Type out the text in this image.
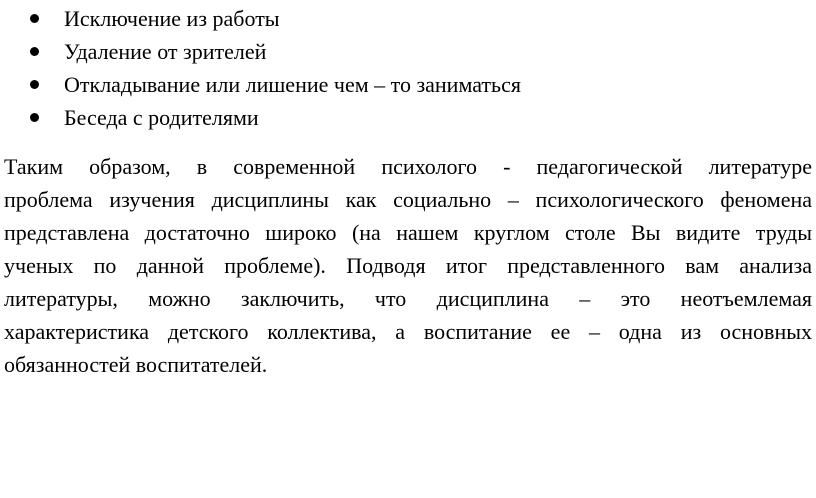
Исключение из работы
Удаление от зрителей
Откладывание или лишение чем – то заниматься
Беседа с родителями
Таким образом, в современной психолого - педагогической литературе
проблема изучения дисциплины как социально – психологического феномена
представлена достаточно широко (на нашем круглом столе Вы видите труды
ученых по данной проблеме). Подводя итог представленного вам анализа
литературы, можно заключить, что дисциплина – это неотъемлемая
характеристика детского коллектива, а воспитание ее – одна из основных
обязанностей воспитателей.
